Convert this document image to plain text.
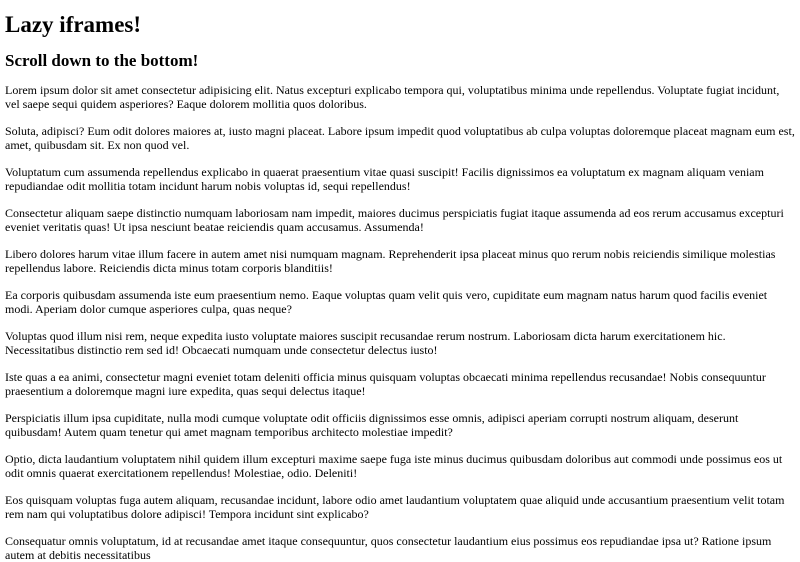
Lazy iframes!
Scroll down to the bottom!

Lorem ipsum dolor sit amet consectetur adipisicing elit. Natus excepturi explicabo tempora qui, voluptatibus minima unde repellendus. Voluptate fugiat incidunt, vel saepe sequi quidem asperiores? Eaque dolorem mollitia quos doloribus.

Soluta, adipisci? Eum odit dolores maiores at, iusto magni placeat. Labore ipsum impedit quod voluptatibus ab culpa voluptas doloremque placeat magnam eum est, amet, quibusdam sit. Ex non quod vel.

Voluptatum cum assumenda repellendus explicabo in quaerat praesentium vitae quasi suscipit! Facilis dignissimos ea voluptatum ex magnam aliquam veniam repudiandae odit mollitia totam incidunt harum nobis voluptas id, sequi repellendus!

Consectetur aliquam saepe distinctio numquam laboriosam nam impedit, maiores ducimus perspiciatis fugiat itaque assumenda ad eos rerum accusamus excepturi eveniet veritatis quas! Ut ipsa nesciunt beatae reiciendis quam accusamus. Assumenda!

Libero dolores harum vitae illum facere in autem amet nisi numquam magnam. Reprehenderit ipsa placeat minus quo rerum nobis reiciendis similique molestias repellendus labore. Reiciendis dicta minus totam corporis blanditiis!

Ea corporis quibusdam assumenda iste eum praesentium nemo. Eaque voluptas quam velit quis vero, cupiditate eum magnam natus harum quod facilis eveniet modi. Aperiam dolor cumque asperiores culpa, quas neque?

Voluptas quod illum nisi rem, neque expedita iusto voluptate maiores suscipit recusandae rerum nostrum. Laboriosam dicta harum exercitationem hic. Necessitatibus distinctio rem sed id! Obcaecati numquam unde consectetur delectus iusto!

Iste quas a ea animi, consectetur magni eveniet totam deleniti officia minus quisquam voluptas obcaecati minima repellendus recusandae! Nobis consequuntur praesentium a doloremque magni iure expedita, quas sequi delectus itaque!

Perspiciatis illum ipsa cupiditate, nulla modi cumque voluptate odit officiis dignissimos esse omnis, adipisci aperiam corrupti nostrum aliquam, deserunt quibusdam! Autem quam tenetur qui amet magnam temporibus architecto molestiae impedit?

Optio, dicta laudantium voluptatem nihil quidem illum excepturi maxime saepe fuga iste minus ducimus quibusdam doloribus aut commodi unde possimus eos ut odit omnis quaerat exercitationem repellendus! Molestiae, odio. Deleniti!

Eos quisquam voluptas fuga autem aliquam, recusandae incidunt, labore odio amet laudantium voluptatem quae aliquid unde accusantium praesentium velit totam rem nam qui voluptatibus dolore adipisci! Tempora incidunt sint explicabo?

Consequatur omnis voluptatum, id at recusandae amet itaque consequuntur, quos consectetur laudantium eius possimus eos repudiandae ipsa ut? Ratione ipsum autem at debitis necessitatibus
